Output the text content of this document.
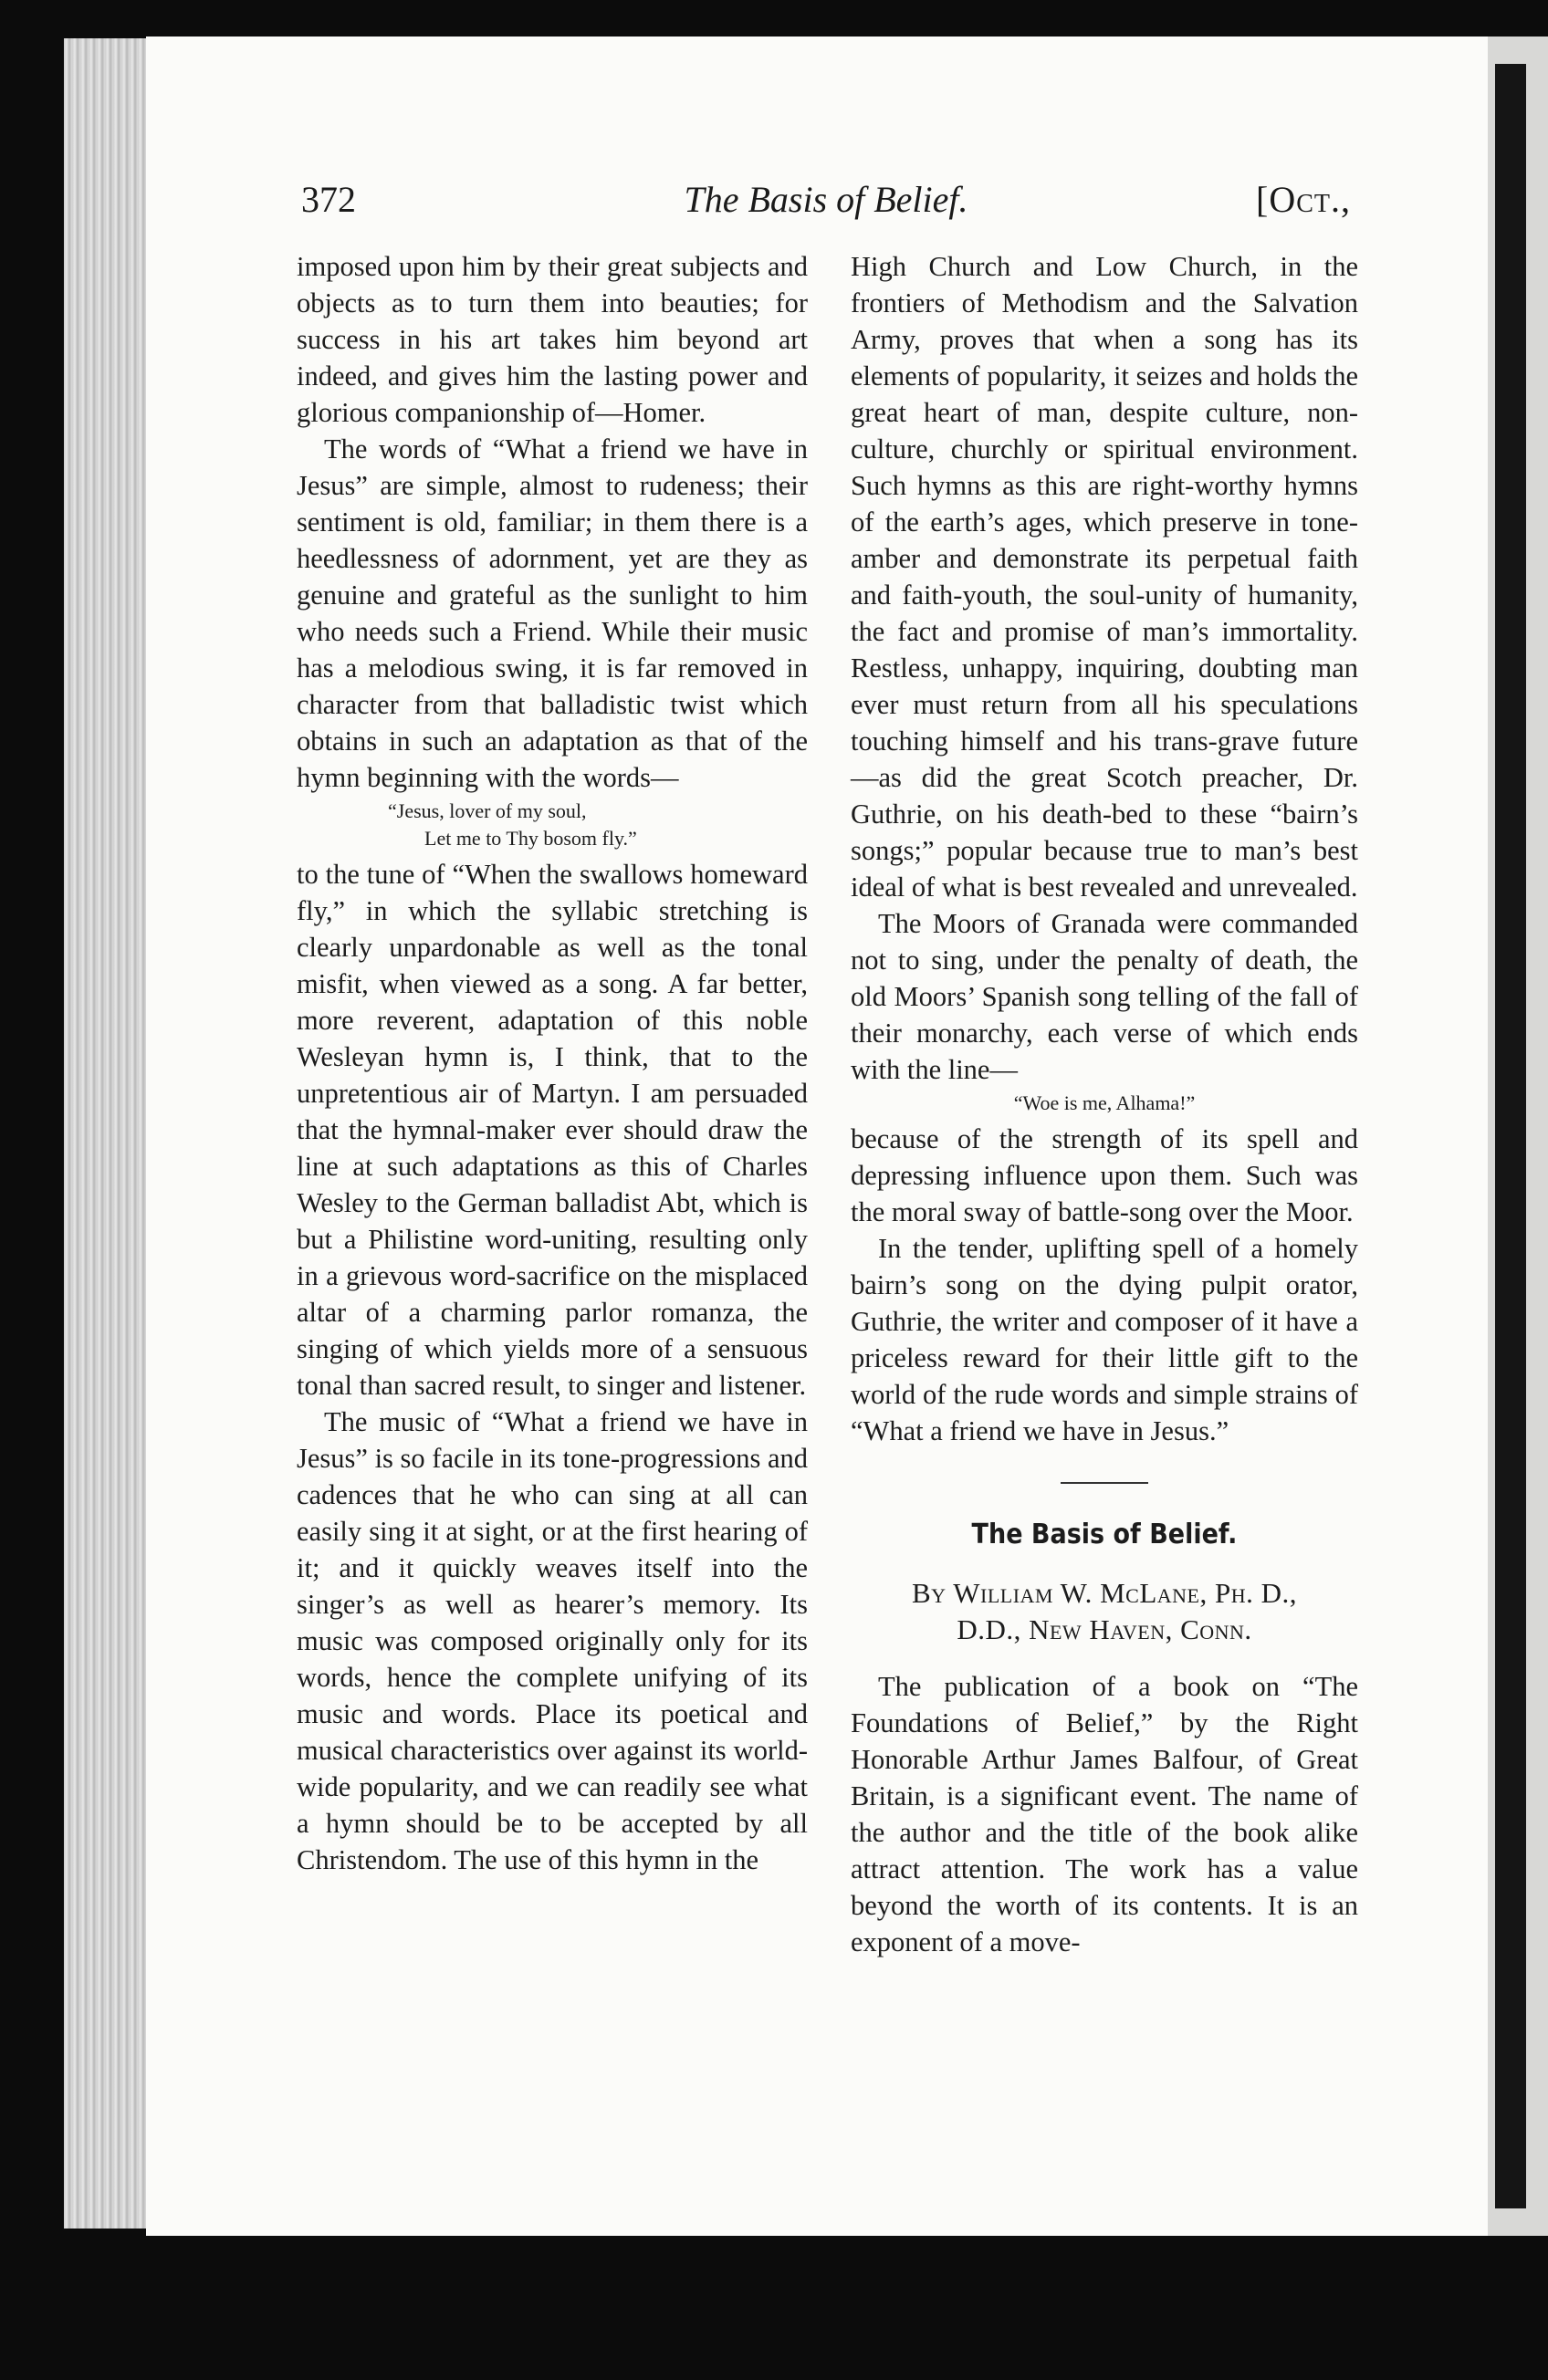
372	The Basis of Belief.	[Oct.,

imposed upon him by their great subjects and objects as to turn them into beauties; for success in his art takes him beyond art indeed, and gives him the lasting power and glorious companionship of—Homer.

The words of “What a friend we have in Jesus” are simple, almost to rudeness; their sentiment is old, familiar; in them there is a heedlessness of adornment, yet are they as genuine and grateful as the sunlight to him who needs such a Friend. While their music has a melodious swing, it is far removed in character from that balladistic twist which obtains in such an adaptation as that of the hymn beginning with the words—

“Jesus, lover of my soul,
Let me to Thy bosom fly.”

to the tune of “When the swallows homeward fly,” in which the syllabic stretching is clearly unpardonable as well as the tonal misfit, when viewed as a song. A far better, more reverent, adaptation of this noble Wesleyan hymn is, I think, that to the unpretentious air of Martyn. I am persuaded that the hymnal-maker ever should draw the line at such adaptations as this of Charles Wesley to the German balladist Abt, which is but a Philistine word-uniting, resulting only in a grievous word-sacrifice on the misplaced altar of a charming parlor romanza, the singing of which yields more of a sensuous tonal than sacred result, to singer and listener.

The music of “What a friend we have in Jesus” is so facile in its tone-progressions and cadences that he who can sing at all can easily sing it at sight, or at the first hearing of it; and it quickly weaves itself into the singer’s as well as hearer’s memory. Its music was composed originally only for its words, hence the complete unifying of its music and words. Place its poetical and musical characteristics over against its world-wide popularity, and we can readily see what a hymn should be to be accepted by all Christendom. The use of this hymn in the

High Church and Low Church, in the frontiers of Methodism and the Salvation Army, proves that when a song has its elements of popularity, it seizes and holds the great heart of man, despite culture, non-culture, churchly or spiritual environment. Such hymns as this are right-worthy hymns of the earth’s ages, which preserve in tone-amber and demonstrate its perpetual faith and faith-youth, the soul-unity of humanity, the fact and promise of man’s immortality. Restless, unhappy, inquiring, doubting man ever must return from all his speculations touching himself and his trans-grave future—as did the great Scotch preacher, Dr. Guthrie, on his death-bed to these “bairn’s songs;” popular because true to man’s best ideal of what is best revealed and unrevealed.

The Moors of Granada were commanded not to sing, under the penalty of death, the old Moors’ Spanish song telling of the fall of their monarchy, each verse of which ends with the line—

“Woe is me, Alhama!”

because of the strength of its spell and depressing influence upon them. Such was the moral sway of battle-song over the Moor.

In the tender, uplifting spell of a homely bairn’s song on the dying pulpit orator, Guthrie, the writer and composer of it have a priceless reward for their little gift to the world of the rude words and simple strains of “What a friend we have in Jesus.”

The Basis of Belief.
By William W. McLane, Ph. D.,
D.D., New Haven, Conn.

The publication of a book on “The Foundations of Belief,” by the Right Honorable Arthur James Balfour, of Great Britain, is a significant event. The name of the author and the title of the book alike attract attention. The work has a value beyond the worth of its contents. It is an exponent of a move-
